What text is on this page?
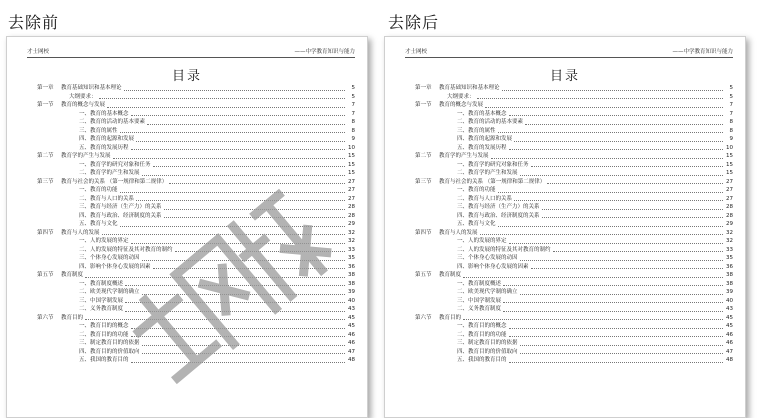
去除前	去除后
才士网校	——中学教育知识与能力
目录
第一章	教育基础知识和基本理论	5
大纲要求：	5
第一节	教育的概念与发展	7
一、教育的基本概念	7
二、教育的活动的基本要素	8
三、教育的属性	8
四、教育的起源和发展	9
五、教育的发展历程	10
第二节	教育学的产生与发展	15
一、教育学的研究对象和任务	15
二、教育学的产生和发展	15
第三节	教育与社会的关系 （第一规律和第二规律）	27
一、教育的功能	27
二、教育与人口的关系	27
三、教育与经济（生产力）的关系	28
四、教育与政治、经济制度的关系	28
五、教育与文化	29
第四节	教育与人的发展	32
一、人的发展的界定	32
二、人的发展的特征及其对教育的制约	33
三、个体身心发展的动因	35
四、影响个体身心发展的因素	36
第五节	教育制度	38
一、教育制度概述	38
二、欧美现代学制的确立	39
三、中国学制发展	40
二、义务教育制度	43
第六节	教育目的	45
一、教育目的的概念	45
二、教育目的的功能	46
三、制定教育目的的依据	46
四、教育目的的价值取向	47
五、我国的教育目的	48
才士网校	——中学教育知识与能力
目录
第一章	教育基础知识和基本理论	5
大纲要求：	5
第一节	教育的概念与发展	7
一、教育的基本概念	7
二、教育的活动的基本要素	8
三、教育的属性	8
四、教育的起源和发展	9
五、教育的发展历程	10
第二节	教育学的产生与发展	15
一、教育学的研究对象和任务	15
二、教育学的产生和发展	15
第三节	教育与社会的关系 （第一规律和第二规律）	27
一、教育的功能	27
二、教育与人口的关系	27
三、教育与经济（生产力）的关系	28
四、教育与政治、经济制度的关系	28
五、教育与文化	29
第四节	教育与人的发展	32
一、人的发展的界定	32
二、人的发展的特征及其对教育的制约	33
三、个体身心发展的动因	35
四、影响个体身心发展的因素	36
第五节	教育制度	38
一、教育制度概述	38
二、欧美现代学制的确立	39
三、中国学制发展	40
二、义务教育制度	43
第六节	教育目的	45
一、教育目的的概念	45
二、教育目的的功能	46
三、制定教育目的的依据	46
四、教育目的的价值取向	47
五、我国的教育目的	48
